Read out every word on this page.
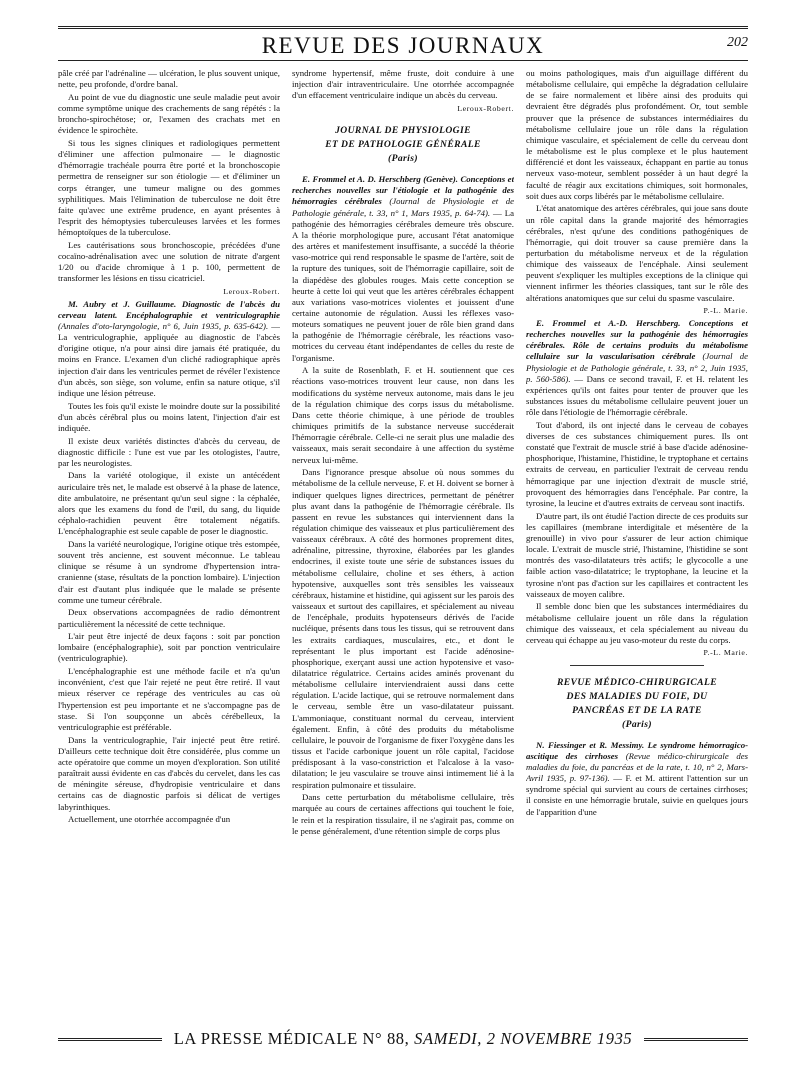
REVUE DES JOURNAUX	202

pâle créé par l'adrénaline — ulcération, le plus souvent unique, nette, peu profonde, d'ordre banal.

Au point de vue du diagnostic une seule maladie peut avoir comme symptôme unique des crachements de sang répétés : la broncho-spirochétose; or, l'examen des crachats met en évidence le spirochète.

Si tous les signes cliniques et radiologiques permettent d'éliminer une affection pulmonaire — le diagnostic d'hémorragie trachéale pourra être porté et la bronchoscopie permettra de renseigner sur son étiologie — et d'éliminer un corps étranger, une tumeur maligne ou des gommes syphilitiques. Mais l'élimination de tuberculose ne doit être faite qu'avec une extrême prudence, en ayant présentes à l'esprit des hémoptysies tuberculeuses larvées et les formes hémoptoïques de la tuberculose.

Les cautérisations sous bronchoscopie, précédées d'une cocaïno-adrénalisation avec une solution de nitrate d'argent 1/20 ou d'acide chromique à 1 p. 100, permettent de transformer les lésions en tissu cicatriciel.

Leroux-Robert.

M. Aubry et J. Guillaume. Diagnostic de l'abcès du cerveau latent. Encéphalographie et ventriculographie (Annales d'oto-laryngologie, n° 6, Juin 1935, p. 635-642). — La ventriculographie, appliquée au diagnostic de l'abcès d'origine otique, n'a pour ainsi dire jamais été pratiquée, du moins en France. L'examen d'un cliché radiographique après injection d'air dans les ventricules permet de révéler l'existence d'un abcès, son siège, son volume, enfin sa nature otique, s'il indique une lésion pétreuse.

Toutes les fois qu'il existe le moindre doute sur la possibilité d'un abcès cérébral plus ou moins latent, l'injection d'air est indiquée.

Il existe deux variétés distinctes d'abcès du cerveau, de diagnostic difficile : l'une est vue par les otologistes, l'autre, par les neurologistes.

Dans la variété otologique, il existe un antécédent auriculaire très net, le malade est observé à la phase de latence, dite ambulatoire, ne présentant qu'un seul signe : la céphalée, alors que les examens du fond de l'œil, du sang, du liquide céphalo-rachidien peuvent être totalement négatifs. L'encéphalographie est seule capable de poser le diagnostic.

Dans la variété neurologique, l'origine otique très estompée, souvent très ancienne, est souvent méconnue. Le tableau clinique se résume à un syndrome d'hypertension intra-cranienne (stase, résultats de la ponction lombaire). L'injection d'air est d'autant plus indiquée que le malade se présente comme une tumeur cérébrale.

Deux observations accompagnées de radio démontrent particulièrement la nécessité de cette technique.

L'air peut être injecté de deux façons : soit par ponction lombaire (encéphalographie), soit par ponction ventriculaire (ventriculographie).

L'encéphalographie est une méthode facile et n'a qu'un inconvénient, c'est que l'air rejeté ne peut être retiré. Il vaut mieux réserver ce repérage des ventricules au cas où l'hypertension est peu importante et ne s'accompagne pas de stase. Si l'on soupçonne un abcès cérébelleux, la ventriculographie est préférable.

Dans la ventriculographie, l'air injecté peut être retiré. D'ailleurs cette technique doit être considérée, plus comme un acte opératoire que comme un moyen d'exploration. Son utilité paraîtrait aussi évidente en cas d'abcès du cervelet, dans les cas de méningite séreuse, d'hydropisie ventriculaire et dans certains cas de diagnostic parfois si délicat de vertiges labyrinthiques.

Actuellement, une otorrhée accompagnée d'un

syndrome hypertensif, même fruste, doit conduire à une injection d'air intraventriculaire. Une otorrhée accompagnée d'un effacement ventriculaire indique un abcès du cerveau.

Leroux-Robert.

JOURNAL DE PHYSIOLOGIE
ET DE PATHOLOGIE GÉNÉRALE
(Paris)

E. Frommel et A. D. Herschberg (Genève). Conceptions et recherches nouvelles sur l'étiologie et la pathogénie des hémorragies cérébrales (Journal de Physiologie et de Pathologie générale, t. 33, n° 1, Mars 1935, p. 64-74). — La pathogénie des hémorragies cérébrales demeure très obscure. A la théorie morphologique pure, accusant l'état anatomique des artères et manifestement insuffisante, a succédé la théorie vaso-motrice qui rend responsable le spasme de l'artère, soit de la rupture des tuniques, soit de l'hémorragie capillaire, soit de la diapédèse des globules rouges. Mais cette conception se heurte à cette loi qui veut que les artères cérébrales échappent aux variations vaso-motrices violentes et jouissent d'une certaine autonomie de régulation. Aussi les réflexes vaso-moteurs somatiques ne peuvent jouer de rôle bien grand dans la pathogénie de l'hémorragie cérébrale, les réactions vaso-motrices du cerveau étant indépendantes de celles du reste de l'organisme.

A la suite de Rosenblath, F. et H. soutiennent que ces réactions vaso-motrices trouvent leur cause, non dans les modifications du système nerveux autonome, mais dans le jeu de la régulation chimique des corps issus du métabolisme. Dans cette théorie chimique, à une période de troubles chimiques primitifs de la substance nerveuse succéderait l'hémorragie cérébrale. Celle-ci ne serait plus une maladie des vaisseaux, mais serait secondaire à une affection du système nerveux lui-même.

Dans l'ignorance presque absolue où nous sommes du métabolisme de la cellule nerveuse, F. et H. doivent se borner à indiquer quelques lignes directrices, permettant de pénétrer plus avant dans la pathogénie de l'hémorragie cérébrale. Ils passent en revue les substances qui interviennent dans la régulation chimique des vaisseaux et plus particulièrement des vaisseaux cérébraux. A côté des hormones proprement dites, adrénaline, pitressine, thyroxine, élaborées par les glandes endocrines, il existe toute une série de substances issues du métabolisme cellulaire, choline et ses éthers, à action hypotensive, auxquelles sont très sensibles les vaisseaux cérébraux, histamine et histidine, qui agissent sur les parois des vaisseaux et surtout des capillaires, et spécialement au niveau de l'encéphale, produits hypotenseurs dérivés de l'acide nucléique, présents dans tous les tissus, qui se retrouvent dans les extraits cardiaques, musculaires, etc., et dont le représentant le plus important est l'acide adénosine-phosphorique, exerçant aussi une action hypotensive et vaso-dilatatrice régulatrice. Certains acides aminés provenant du métabolisme cellulaire interviendraient aussi dans cette régulation. L'acide lactique, qui se retrouve normalement dans le cerveau, semble être un vaso-dilatateur puissant. L'ammoniaque, constituant normal du cerveau, intervient également. Enfin, à côté des produits du métabolisme cellulaire, le pouvoir de l'organisme de fixer l'oxygène dans les tissus et l'acide carbonique jouent un rôle capital, l'acidose prédisposant à la vaso-constriction et l'alcalose à la vaso-dilatation; le jeu vasculaire se trouve ainsi intimement lié à la respiration pulmonaire et tissulaire.

Dans cette perturbation du métabolisme cellulaire, très marquée au cours de certaines affections qui touchent le foie, le rein et la respiration tissulaire, il ne s'agirait pas, comme on le pense généralement, d'une rétention simple de corps plus

ou moins pathologiques, mais d'un aiguillage différent du métabolisme cellulaire, qui empêche la dégradation cellulaire de se faire normalement et libère ainsi des produits qui devraient être dégradés plus profondément. Or, tout semble prouver que la présence de substances intermédiaires du métabolisme cellulaire joue un rôle dans la régulation chimique vasculaire, et spécialement de celle du cerveau dont le métabolisme est le plus complexe et le plus hautement différencié et dont les vaisseaux, échappant en partie au tonus nerveux vaso-moteur, semblent posséder à un haut degré la faculté de réagir aux excitations chimiques, soit hormonales, soit dues aux corps libérés par le métabolisme cellulaire.

L'état anatomique des artères cérébrales, qui joue sans doute un rôle capital dans la grande majorité des hémorragies cérébrales, n'est qu'une des conditions pathogéniques de l'hémorragie, qui doit trouver sa cause première dans la perturbation du métabolisme nerveux et de la régulation chimique des vaisseaux de l'encéphale. Ainsi seulement peuvent s'expliquer les multiples exceptions de la clinique qui viennent infirmer les théories classiques, tant sur le rôle des altérations anatomiques que sur celui du spasme vasculaire.

P.-L. Marie.

E. Frommel et A.-D. Herschberg. Conceptions et recherches nouvelles sur la pathogénie des hémorragies cérébrales. Rôle de certains produits du métabolisme cellulaire sur la vascularisation cérébrale (Journal de Physiologie et de Pathologie générale, t. 33, n° 2, Juin 1935, p. 560-586). — Dans ce second travail, F. et H. relatent les expériences qu'ils ont faites pour tenter de prouver que les substances issues du métabolisme cellulaire peuvent jouer un rôle dans l'étiologie de l'hémorragie cérébrale.

Tout d'abord, ils ont injecté dans le cerveau de cobayes diverses de ces substances chimiquement pures. Ils ont constaté que l'extrait de muscle strié à base d'acide adénosine-phosphorique, l'histamine, l'histidine, le tryptophane et certains extraits de cerveau, en particulier l'extrait de cerveau rendu hémorragique par une injection d'extrait de muscle strié, provoquent des hémorragies dans l'encéphale. Par contre, la tyrosine, la leucine et d'autres extraits de cerveau sont inactifs.

D'autre part, ils ont étudié l'action directe de ces produits sur les capillaires (membrane interdigitale et mésentère de la grenouille) in vivo pour s'assurer de leur action chimique locale. L'extrait de muscle strié, l'histamine, l'histidine se sont montrés des vaso-dilatateurs très actifs; le glycocolle a une faible action vaso-dilatatrice; le tryptophane, la leucine et la tyrosine n'ont pas d'action sur les capillaires et contractent les vaisseaux de moyen calibre.

Il semble donc bien que les substances intermédiaires du métabolisme cellulaire jouent un rôle dans la régulation chimique des vaisseaux, et cela spécialement au niveau du cerveau qui échappe au jeu vaso-moteur du reste du corps.

P.-L. Marie.

REVUE MÉDICO-CHIRURGICALE
DES MALADIES DU FOIE, DU
PANCRÉAS ET DE LA RATE
(Paris)

N. Fiessinger et R. Messimy. Le syndrome hémorragico-ascitique des cirrhoses (Revue médico-chirurgicale des maladies du foie, du pancréas et de la rate, t. 10, n° 2, Mars-Avril 1935, p. 97-136). — F. et M. attirent l'attention sur un syndrome spécial qui survient au cours de certaines cirrhoses; il consiste en une hémorragie brutale, suivie en quelques jours de l'apparition d'une

LA PRESSE MÉDICALE N° 88, SAMEDI, 2 NOVEMBRE 1935
